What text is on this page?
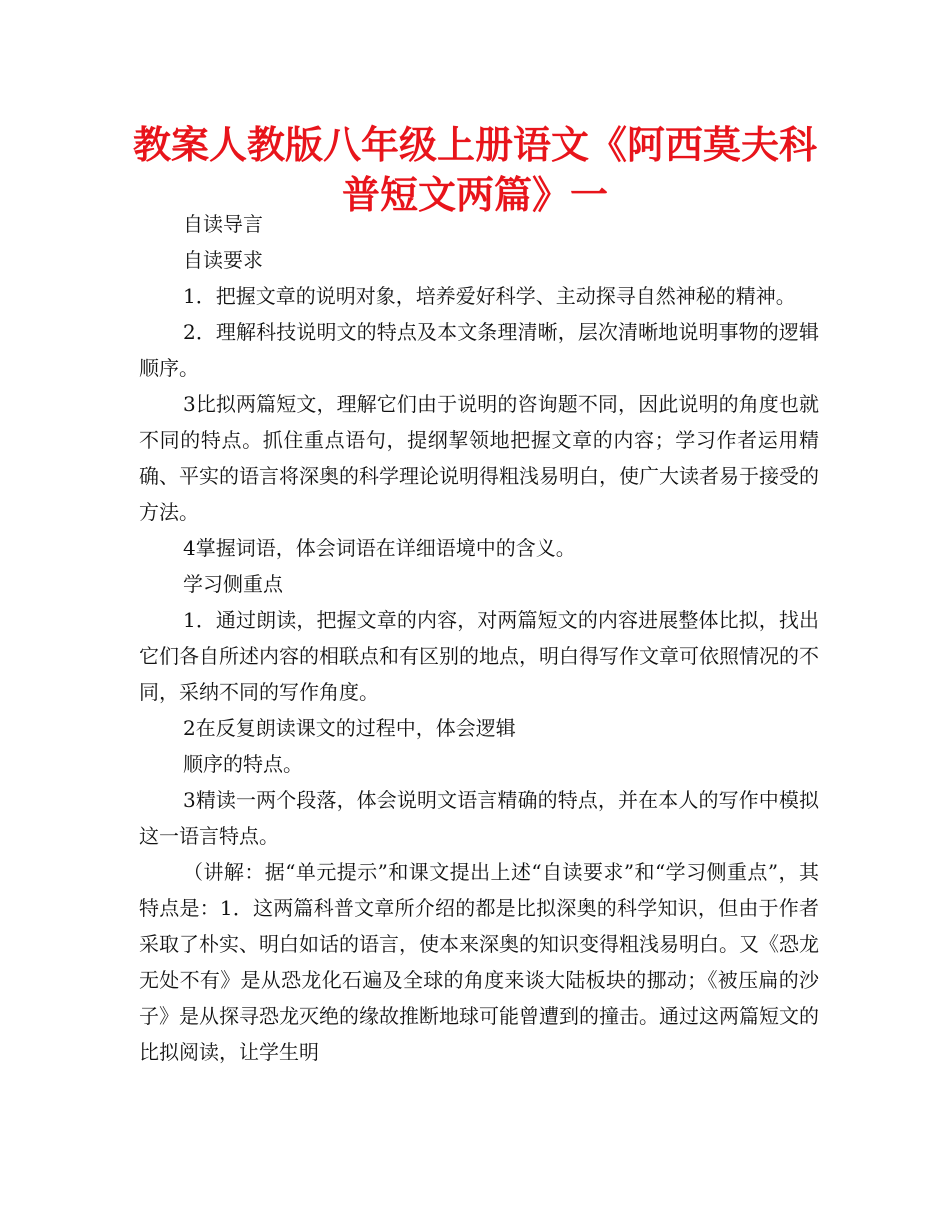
教案人教版八年级上册语文《阿西莫夫科普短文两篇》一

自读导言

自读要求

1．把握文章的说明对象，培养爱好科学、主动探寻自然神秘的精神。

2．理解科技说明文的特点及本文条理清晰，层次清晰地说明事物的逻辑顺序。

3比拟两篇短文，理解它们由于说明的咨询题不同，因此说明的角度也就不同的特点。抓住重点语句，提纲挈领地把握文章的内容；学习作者运用精确、平实的语言将深奥的科学理论说明得粗浅易明白，使广大读者易于接受的方法。

4掌握词语，体会词语在详细语境中的含义。

学习侧重点

1．通过朗读，把握文章的内容，对两篇短文的内容进展整体比拟，找出它们各自所述内容的相联点和有区别的地点，明白得写作文章可依照情况的不同，采纳不同的写作角度。

2在反复朗读课文的过程中，体会逻辑

顺序的特点。

3精读一两个段落，体会说明文语言精确的特点，并在本人的写作中模拟这一语言特点。

（讲解：据“单元提示”和课文提出上述“自读要求”和“学习侧重点”，其特点是：1．这两篇科普文章所介绍的都是比拟深奥的科学知识，但由于作者采取了朴实、明白如话的语言，使本来深奥的知识变得粗浅易明白。又《恐龙无处不有》是从恐龙化石遍及全球的角度来谈大陆板块的挪动；《被压扁的沙子》是从探寻恐龙灭绝的缘故推断地球可能曾遭到的撞击。通过这两篇短文的比拟阅读，让学生明
